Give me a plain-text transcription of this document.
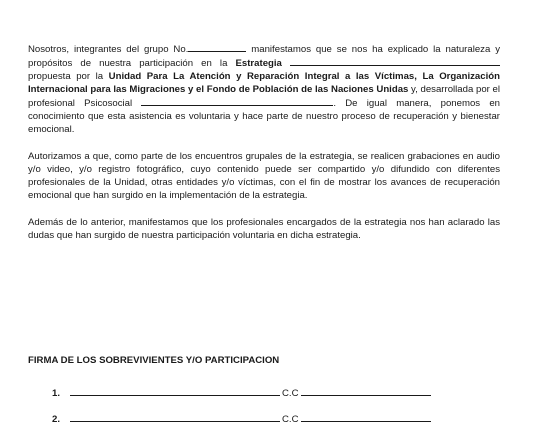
Nosotros, integrantes del grupo No.	manifestamos que se nos ha explicado la naturaleza y propósitos de nuestra participación en la Estrategia propuesta por la Unidad Para La Atención y Reparación Integral a las Víctimas, La Organización Internacional para las Migraciones y el Fondo de Población de las Naciones Unidas y, desarrollada por el profesional Psicosocial	. De igual manera, ponemos en conocimiento que esta asistencia es voluntaria y hace parte de nuestro proceso de recuperación y bienestar emocional.

Autorizamos a que, como parte de los encuentros grupales de la estrategia, se realicen grabaciones en audio y/o video, y/o registro fotográfico, cuyo contenido puede ser compartido y/o difundido con diferentes profesionales de la Unidad, otras entidades y/o víctimas, con el fin de mostrar los avances de recuperación emocional que han surgido en la implementación de la estrategia.

Además de lo anterior, manifestamos que los profesionales encargados de la estrategia nos han aclarado las dudas que han surgido de nuestra participación voluntaria en dicha estrategia.

FIRMA DE LOS SOBREVIVIENTES Y/O PARTICIPACION
1.	C.C
2.	C.C
